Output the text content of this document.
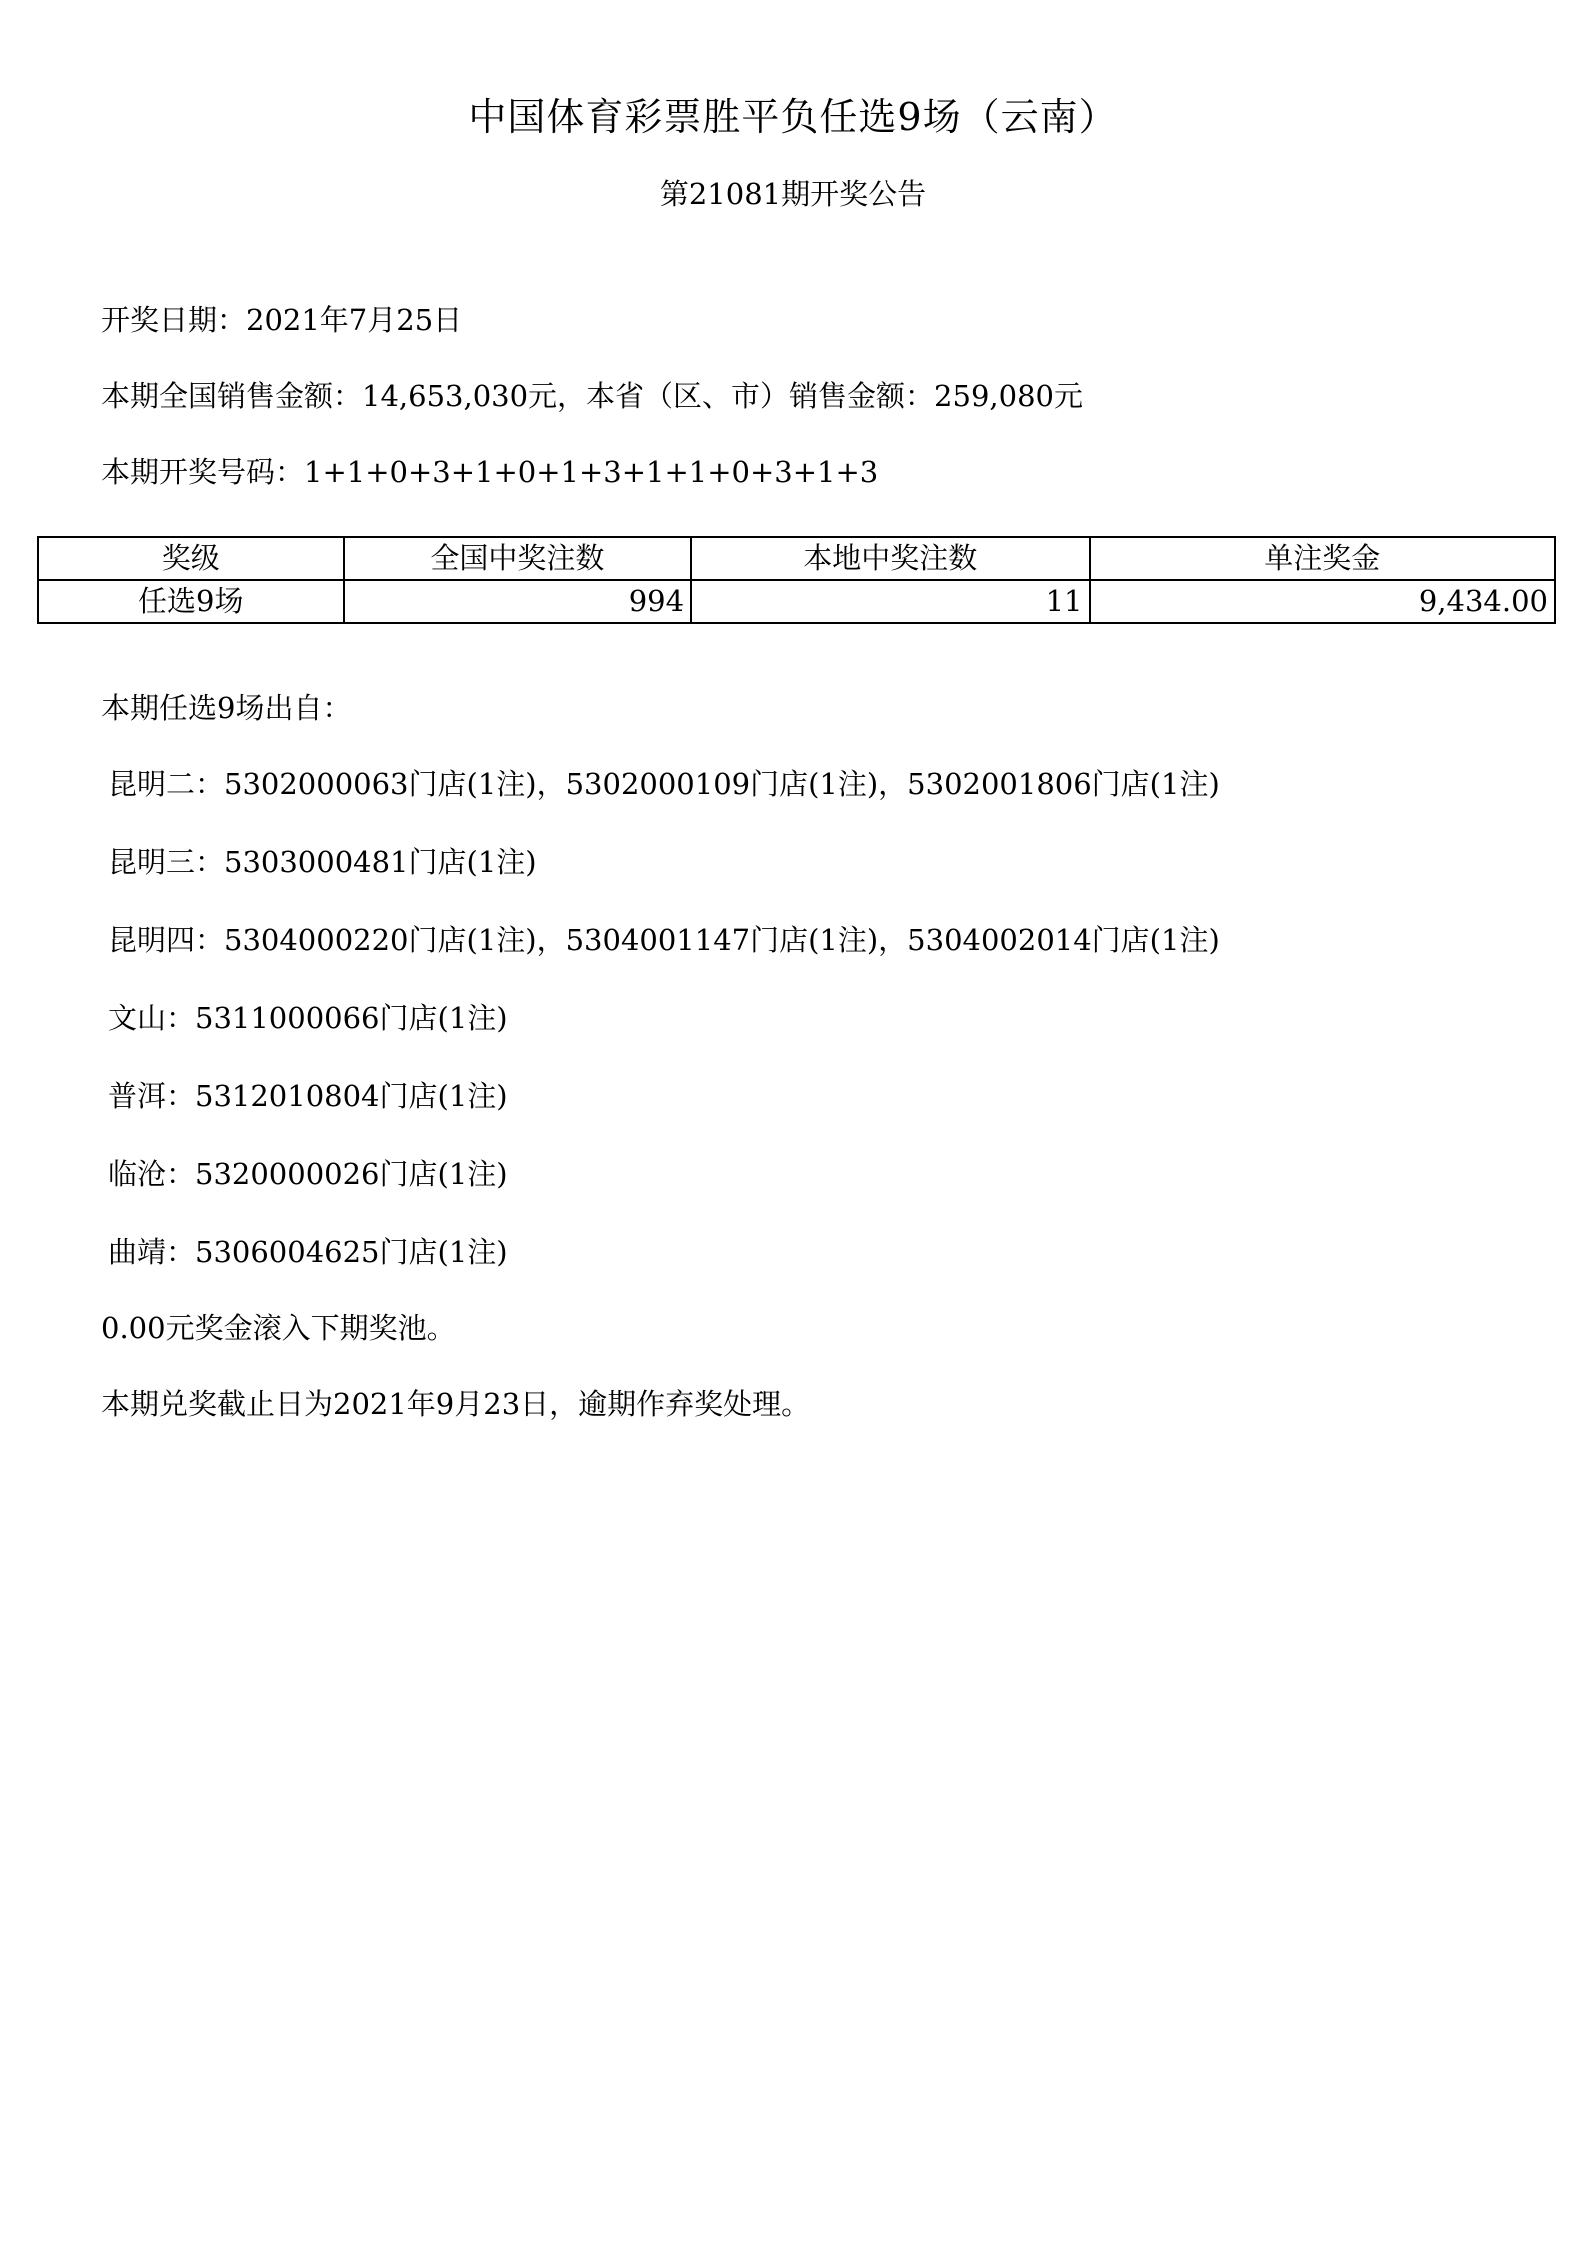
中国体育彩票胜平负任选9场（云南）
第21081期开奖公告
开奖日期：2021年7月25日
本期全国销售金额：14,653,030元，本省（区、市）销售金额：259,080元
本期开奖号码：1+1+0+3+1+0+1+3+1+1+0+3+1+3
奖级	全国中奖注数	本地中奖注数	单注奖金
任选9场	994	11	9,434.00
本期任选9场出自：
昆明二：5302000063门店(1注)，5302000109门店(1注)，5302001806门店(1注)
昆明三：5303000481门店(1注)
昆明四：5304000220门店(1注)，5304001147门店(1注)，5304002014门店(1注)
文山：5311000066门店(1注)
普洱：5312010804门店(1注)
临沧：5320000026门店(1注)
曲靖：5306004625门店(1注)
0.00元奖金滚入下期奖池。
本期兑奖截止日为2021年9月23日，逾期作弃奖处理。
